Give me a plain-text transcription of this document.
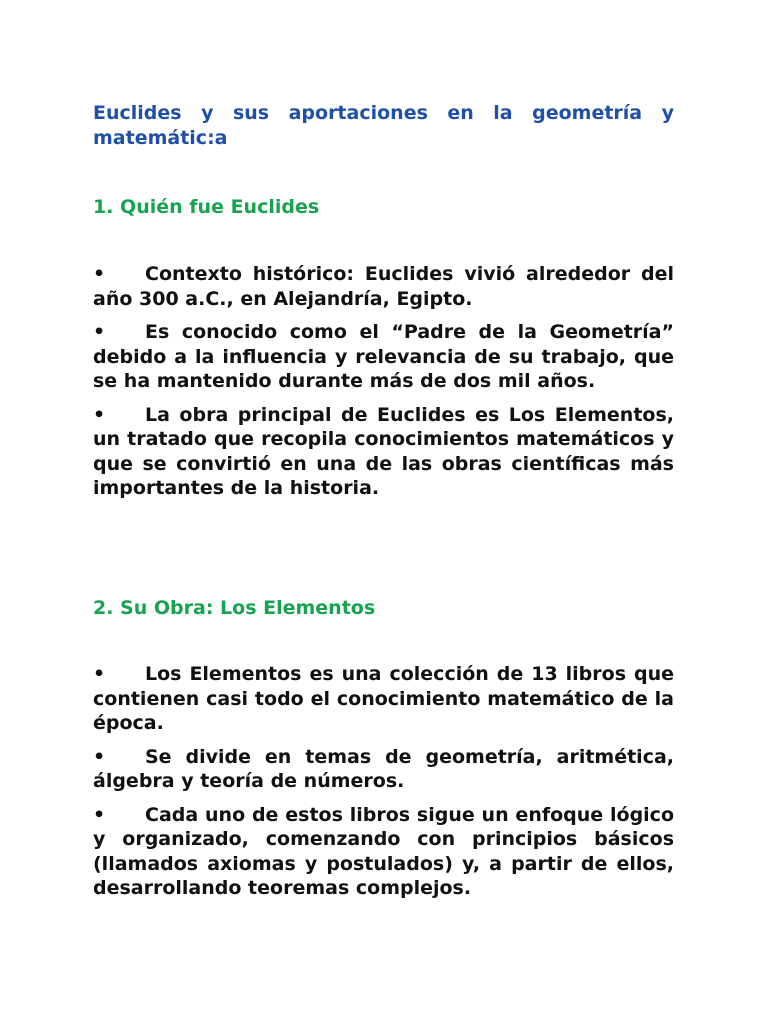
Euclides y sus aportaciones en la geometría y matemátic:a
1. Quién fue Euclides
• Contexto histórico: Euclides vivió alrededor del año 300 a.C., en Alejandría, Egipto.
• Es conocido como el “Padre de la Geometría” debido a la influencia y relevancia de su trabajo, que se ha mantenido durante más de dos mil años.
• La obra principal de Euclides es Los Elementos, un tratado que recopila conocimientos matemáticos y que se convirtió en una de las obras científicas más importantes de la historia.
2. Su Obra: Los Elementos
• Los Elementos es una colección de 13 libros que contienen casi todo el conocimiento matemático de la época.
• Se divide en temas de geometría, aritmética, álgebra y teoría de números.
• Cada uno de estos libros sigue un enfoque lógico y organizado, comenzando con principios básicos (llamados axiomas y postulados) y, a partir de ellos, desarrollando teoremas complejos.
